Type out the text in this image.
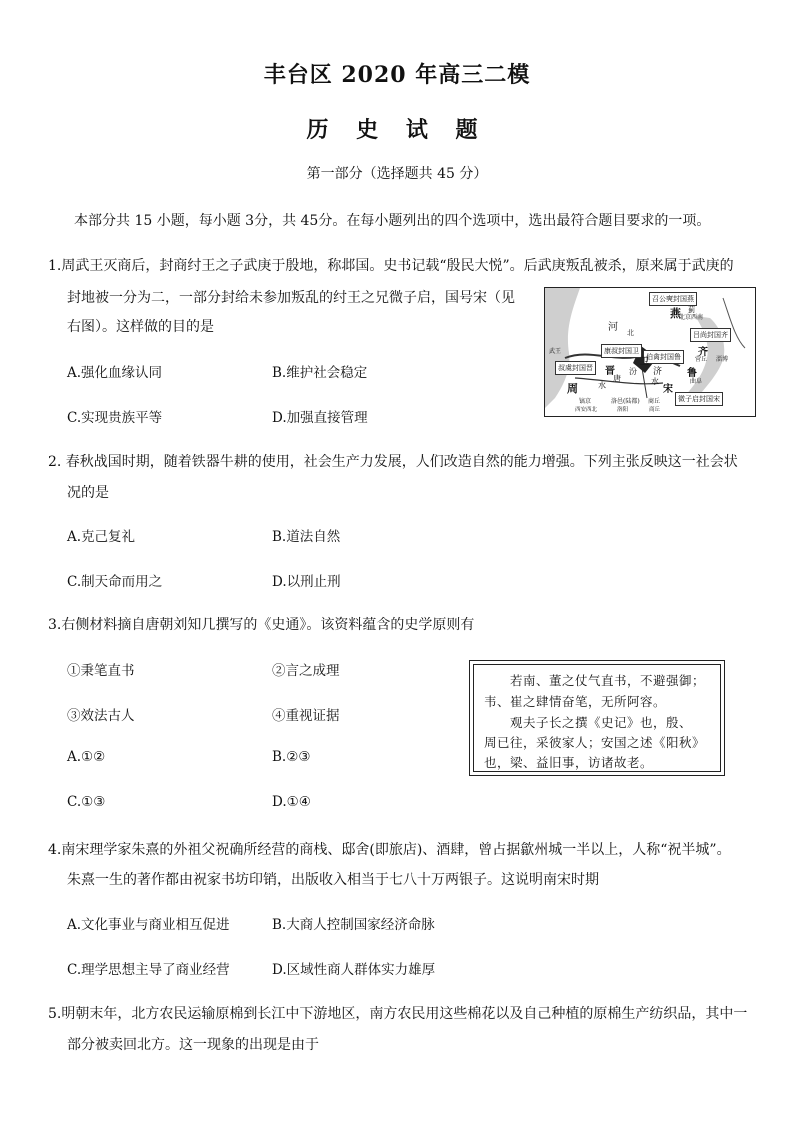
丰台区 2020 年高三二模
历 史 试 题
第一部分（选择题共 45 分）
本部分共 15 小题，每小题 3分，共 45分。在每小题列出的四个选项中，选出最符合题目要求的一项。
1.周武王灭商后，封商纣王之子武庚于殷地，称邶国。史书记载“殷民大悦”。后武庚叛乱被杀，原来属于武庚的
封地被一分为二，一部分封给未参加叛乱的纣王之兄微子启，国号宋（见
右图）。这样做的目的是
A.强化血缘认同	B.维护社会稳定
C.实现贵族平等	D.加强直接管理
召公奭封国燕
北京西南
燕 蓟
河 北
康叔封国卫
吕尚封国齐
齐
营丘 淄博
武王
伯禽封国鲁
鲁
曲阜
叔虞封国晋	晋
唐
卫
汾 济
宋
水	水
周
镐京
西安西北
洛邑(陆都)
洛阳
商丘
商丘
微子启封国宋
2. 春秋战国时期，随着铁器牛耕的使用，社会生产力发展，人们改造自然的能力增强。下列主张反映这一社会状
况的是
A.克己复礼	B.道法自然
C.制天命而用之	D.以刑止刑
3.右侧材料摘自唐朝刘知几撰写的《史通》。该资料蕴含的史学原则有
①秉笔直书	②言之成理
③效法古人	④重视证据
A.①②	B.②③
C.①③	D.①④
若南、董之仗气直书，不避强御；
韦、崔之肆情奋笔，无所阿容。
观夫子长之撰《史记》也，殷、
周已往，采彼家人；安国之述《阳秋》
也，梁、益旧事，访诸故老。
4.南宋理学家朱熹的外祖父祝确所经营的商栈、邸舍(即旅店)、酒肆，曾占据歙州城一半以上，人称“祝半城”。
朱熹一生的著作都由祝家书坊印销，出版收入相当于七八十万两银子。这说明南宋时期
A.文化事业与商业相互促进	B.大商人控制国家经济命脉
C.理学思想主导了商业经营	D.区域性商人群体实力雄厚
5.明朝末年，北方农民运输原棉到长江中下游地区，南方农民用这些棉花以及自己种植的原棉生产纺织品，其中一
部分被卖回北方。这一现象的出现是由于
